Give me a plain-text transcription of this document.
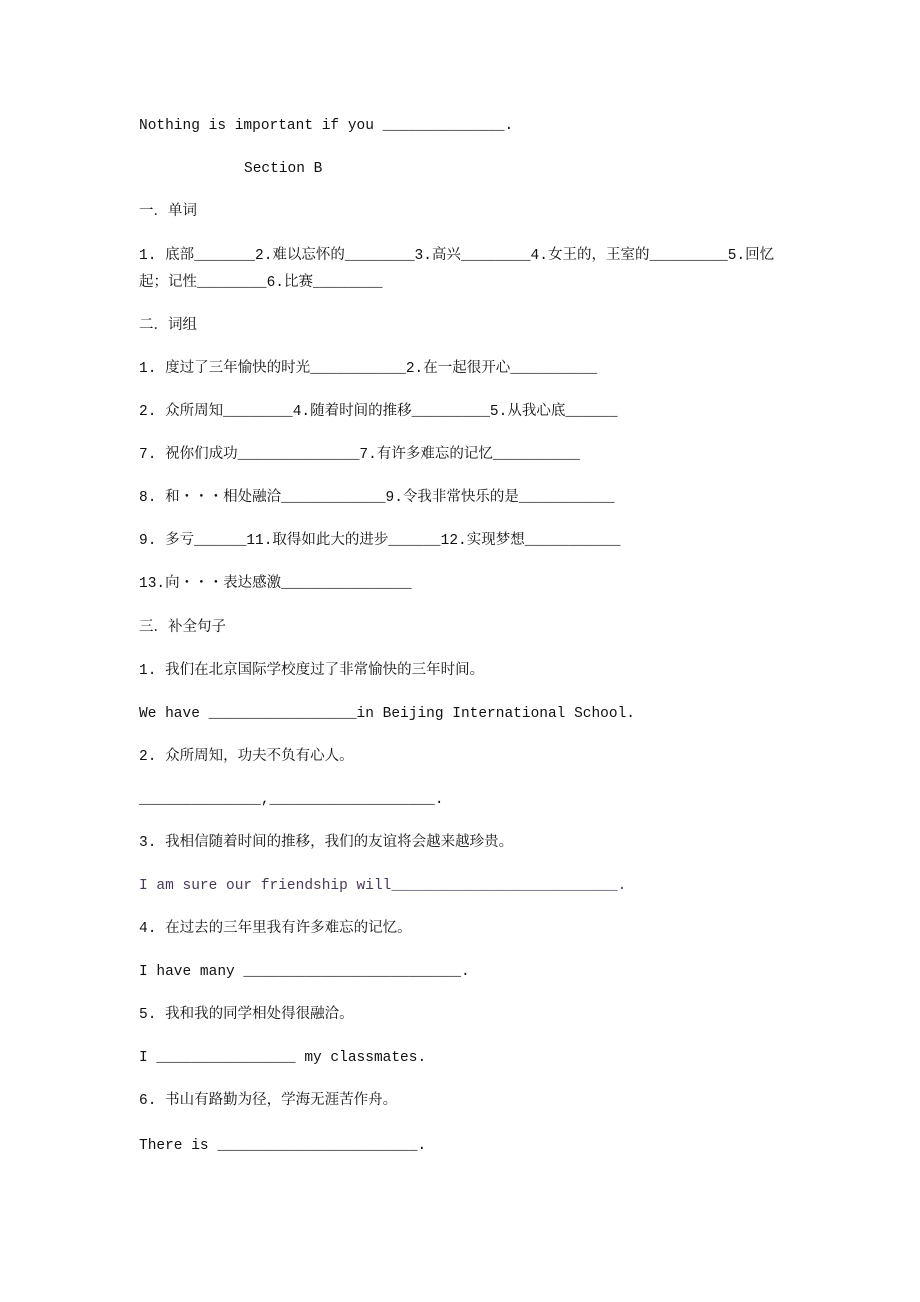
Nothing is important if you ______________.
Section B
一．单词
1. 底部_______2.难以忘怀的________3.高兴________4.女王的，王室的_________5.回忆
起；记性________6.比赛________
二．词组
1. 度过了三年愉快的时光___________2.在一起很开心__________
2. 众所周知________4.随着时间的推移_________5.从我心底______
7. 祝你们成功______________7.有许多难忘的记忆__________
8. 和・・・相处融洽____________9.令我非常快乐的是___________
9. 多亏______11.取得如此大的进步______12.实现梦想___________
13.向・・・表达感激_______________
三．补全句子
1. 我们在北京国际学校度过了非常愉快的三年时间。
We have _________________in Beijing International School.
2. 众所周知，功夫不负有心人。
______________,___________________.
3. 我相信随着时间的推移，我们的友谊将会越来越珍贵。
I am sure our friendship will__________________________.
4. 在过去的三年里我有许多难忘的记忆。
I have many _________________________.
5. 我和我的同学相处得很融洽。
I ________________ my classmates.
6. 书山有路勤为径，学海无涯苦作舟。
There is _______________________.
